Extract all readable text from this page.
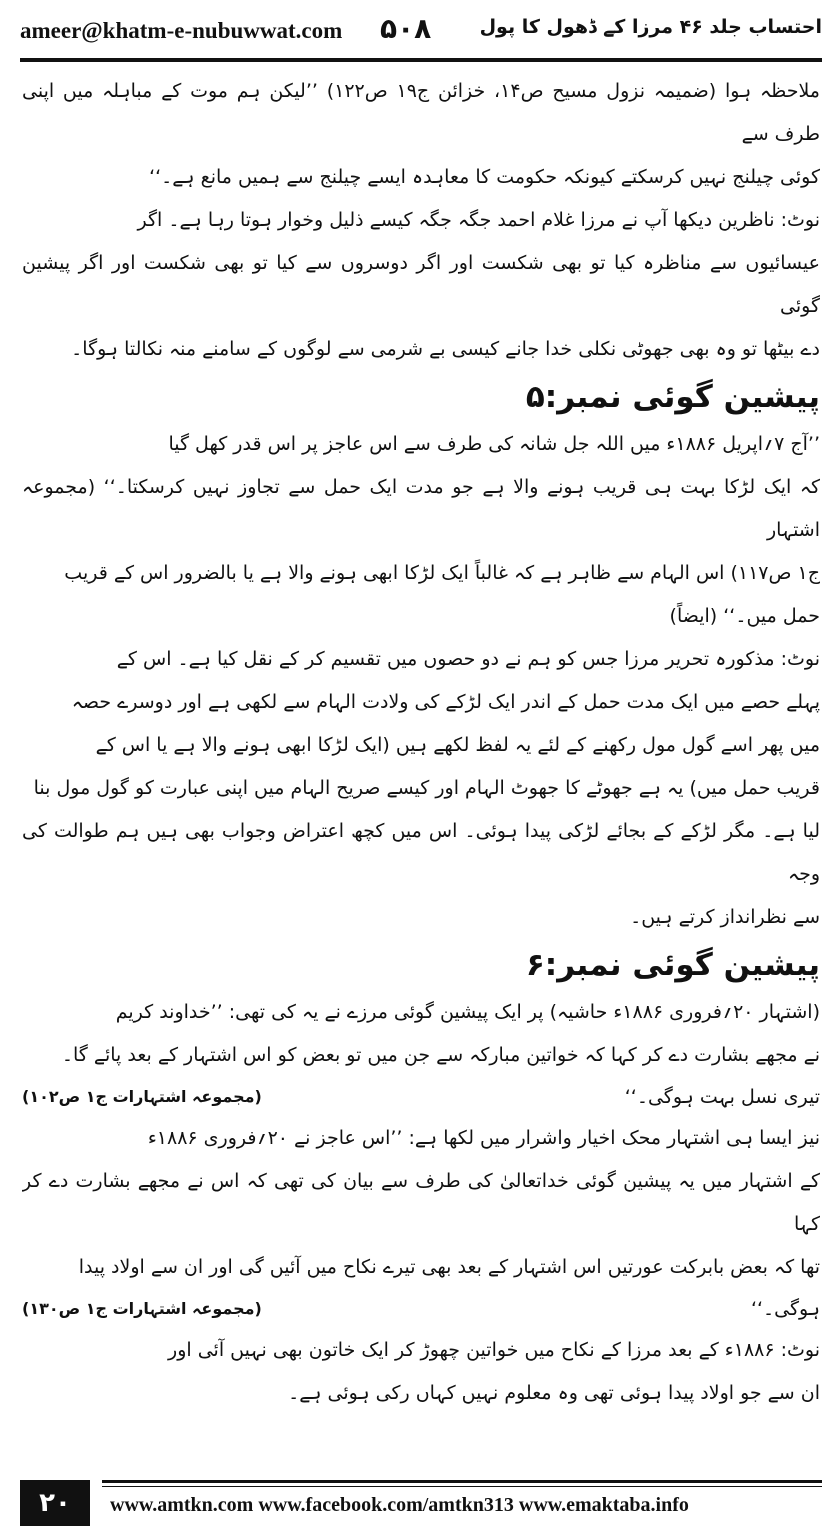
ameer@khatm-e-nubuwwat.com ۵۰۸	احتساب جلد ۴۶ مرزا کے ڈھول کا پول

ملاحظہ ہوا (ضمیمہ نزول مسیح ص۱۴، خزائن ج۱۹ ص۱۲۲) ’’لیکن ہم موت کے مباہلہ میں اپنی طرف سے

کوئی چیلنج نہیں کرسکتے کیونکہ حکومت کا معاہدہ ایسے چیلنج سے ہمیں مانع ہے۔‘‘

نوٹ: ناظرین دیکھا آپ نے مرزا غلام احمد جگہ جگہ کیسے ذلیل وخوار ہوتا رہا ہے۔ اگر

عیسائیوں سے مناظرہ کیا تو بھی شکست اور اگر دوسروں سے کیا تو بھی شکست اور اگر پیشین گوئی

دے بیٹھا تو وہ بھی جھوٹی نکلی خدا جانے کیسی بے شرمی سے لوگوں کے سامنے منہ نکالتا ہوگا۔

پیشین گوئی نمبر:۵

’’آج ۷؍اپریل ۱۸۸۶ء میں اللہ جل شانہ کی طرف سے اس عاجز پر اس قدر کھل گیا

کہ ایک لڑکا بہت ہی قریب ہونے والا ہے جو مدت ایک حمل سے تجاوز نہیں کرسکتا۔‘‘ (مجموعہ اشتہار

ج۱ ص۱۱۷) اس الہام سے ظاہر ہے کہ غالباً ایک لڑکا ابھی ہونے والا ہے یا بالضرور اس کے قریب

حمل میں۔‘‘ (ایضاً)

نوٹ: مذکورہ تحریر مرزا جس کو ہم نے دو حصوں میں تقسیم کر کے نقل کیا ہے۔ اس کے

پہلے حصے میں ایک مدت حمل کے اندر ایک لڑکے کی ولادت الہام سے لکھی ہے اور دوسرے حصہ

میں پھر اسے گول مول رکھنے کے لئے یہ لفظ لکھے ہیں (ایک لڑکا ابھی ہونے والا ہے یا اس کے

قریب حمل میں) یہ ہے جھوٹے کا جھوٹ الہام اور کیسے صریح الہام میں اپنی عبارت کو گول مول بنا

لیا ہے۔ مگر لڑکے کے بجائے لڑکی پیدا ہوئی۔ اس میں کچھ اعتراض وجواب بھی ہیں ہم طوالت کی وجہ

سے نظرانداز کرتے ہیں۔

پیشین گوئی نمبر:۶

(اشتہار ۲۰؍فروری ۱۸۸۶ء حاشیہ) پر ایک پیشین گوئی مرزے نے یہ کی تھی: ’’خداوند کریم

نے مجھے بشارت دے کر کہا کہ خواتین مبارکہ سے جن میں تو بعض کو اس اشتہار کے بعد پائے گا۔

تیری نسل بہت ہوگی۔‘‘
(مجموعہ اشتہارات ج۱ ص۱۰۲)

نیز ایسا ہی اشتہار محک اخیار واشرار میں لکھا ہے: ’’اس عاجز نے ۲۰؍فروری ۱۸۸۶ء

کے اشتہار میں یہ پیشین گوئی خداتعالیٰ کی طرف سے بیان کی تھی کہ اس نے مجھے بشارت دے کر کہا

تھا کہ بعض بابرکت عورتیں اس اشتہار کے بعد بھی تیرے نکاح میں آئیں گی اور ان سے اولاد پیدا

ہوگی۔‘‘
(مجموعہ اشتہارات ج۱ ص۱۳۰)

نوٹ: ۱۸۸۶ء کے بعد مرزا کے نکاح میں خواتین چھوڑ کر ایک خاتون بھی نہیں آئی اور

ان سے جو اولاد پیدا ہوئی تھی وہ معلوم نہیں کہاں رکی ہوئی ہے۔

۲۰	www.amtkn.com www.facebook.com/amtkn313 www.emaktaba.info
